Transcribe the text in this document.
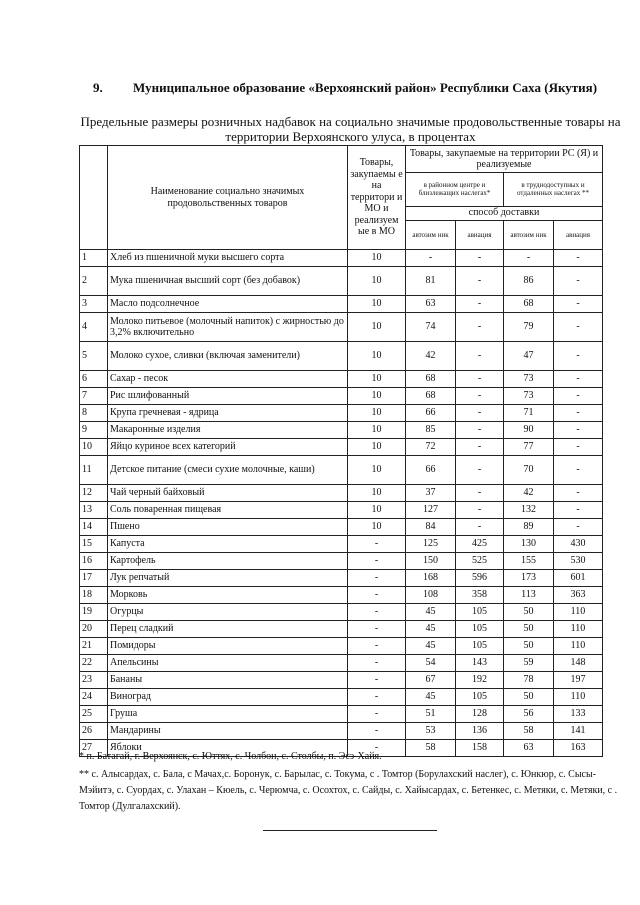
9. Муниципальное образование «Верхоянский район» Республики Саха (Якутия)
Предельные размеры розничных надбавок на социально значимые продовольственные товары на территории Верхоянского улуса, в процентах
	Наименование социально значимых продовольственных товаров	Товары, закупаемы е на территори и МО и реализуем ые в МО	Товары, закупаемые на территории РС (Я) и реализуемые			
			в районном центре и близлежащих наслегах*		в труднодоступных и отдаленных наслегах **	
			способ доставки			
			автозим ник	авиация	автозим ник	авиация
1	Хлеб из пшеничной муки высшего сорта	10	-	-	-	-
2	Мука пшеничная высший сорт (без добавок)	10	81	-	86	-
3	Масло подсолнечное	10	63	-	68	-
4	Молоко питьевое (молочный напиток) с жирностью до 3,2% включительно	10	74	-	79	-
5	Молоко сухое, сливки (включая заменители)	10	42	-	47	-
6	Сахар - песок	10	68	-	73	-
7	Рис шлифованный	10	68	-	73	-
8	Крупа гречневая - ядрица	10	66	-	71	-
9	Макаронные изделия	10	85	-	90	-
10	Яйцо куриное всех категорий	10	72	-	77	-
11	Детское питание (смеси сухие молочные, каши)	10	66	-	70	-
12	Чай черный байховый	10	37	-	42	-
13	Соль поваренная пищевая	10	127	-	132	-
14	Пшено	10	84	-	89	-
15	Капуста	-	125	425	130	430
16	Картофель	-	150	525	155	530
17	Лук репчатый	-	168	596	173	601
18	Морковь	-	108	358	113	363
19	Огурцы	-	45	105	50	110
20	Перец сладкий	-	45	105	50	110
21	Помидоры	-	45	105	50	110
22	Апельсины	-	54	143	59	148
23	Бананы	-	67	192	78	197
24	Виноград	-	45	105	50	110
25	Груша	-	51	128	56	133
26	Мандарины	-	53	136	58	141
27	Яблоки	-	58	158	63	163
* п. Батагай, г. Верхоянск, с. Юттях, с. Чолбон, с. Столбы, п. Эсэ-Хайя.
** с. Алысардах, с. Бала, с Мачах,с. Боронук, с. Барылас, с. Токума, с . Томтор (Борулахский наслег), с. Юнкюр, с. Сысы- Мэйитэ, с. Суордах, с. Улахан – Кюель, с. Черюмча, с. Осохтох, с. Сайды, с. Хайысардах, с. Бетенкес, с. Метяки, с. Метяки, с . Томтор (Дулгалахский).
